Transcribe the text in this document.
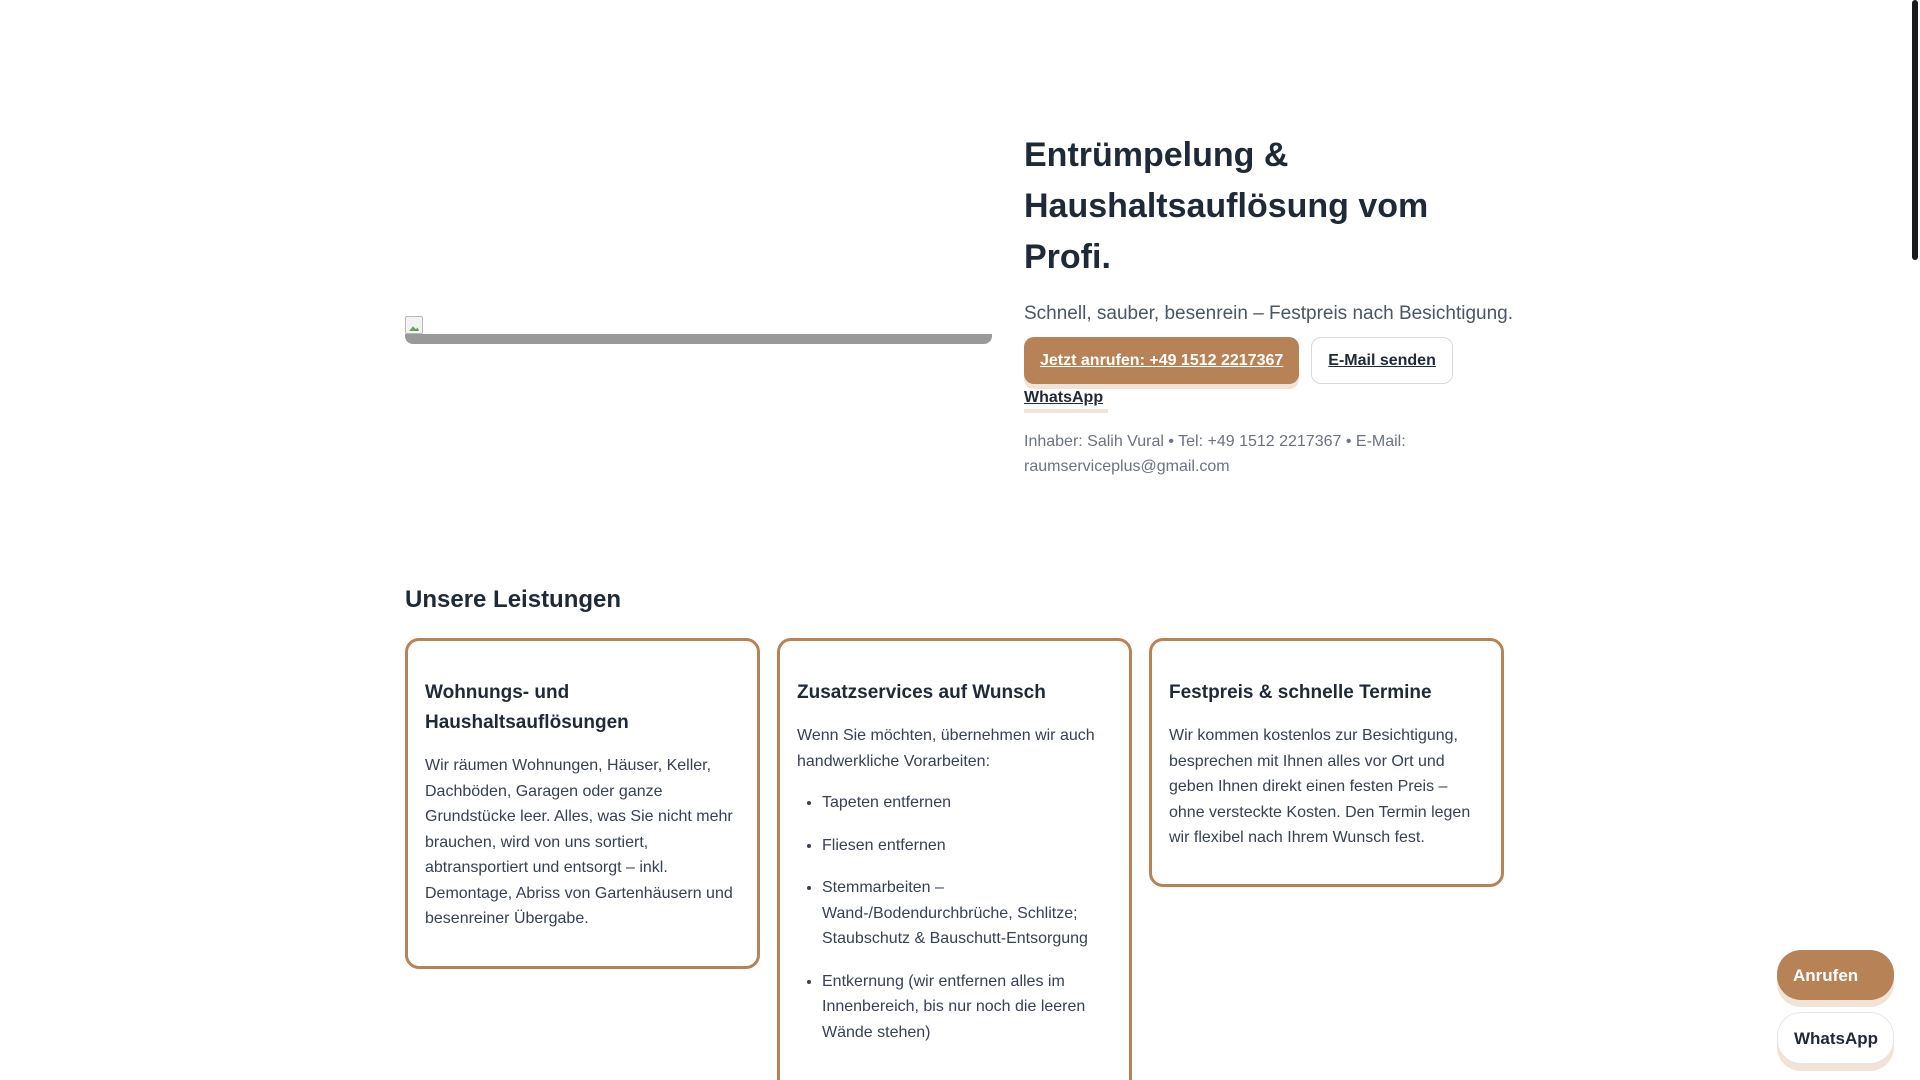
Entrümpelung & Haushaltsauflösung vom Profi.
Schnell, sauber, besenrein – Festpreis nach Besichtigung.
Jetzt anrufen: +49 1512 2217367	E-Mail senden
WhatsApp
Inhaber: Salih Vural • Tel: +49 1512 2217367 • E-Mail: raumserviceplus@gmail.com
Unsere Leistungen
Wohnungs- und Haushaltsauflösungen

Wir räumen Wohnungen, Häuser, Keller, Dachböden, Garagen oder ganze Grundstücke leer. Alles, was Sie nicht mehr brauchen, wird von uns sortiert, abtransportiert und entsorgt – inkl. Demontage, Abriss von Gartenhäusern und besenreiner Übergabe.

Zusatzservices auf Wunsch

Wenn Sie möchten, übernehmen wir auch handwerkliche Vorarbeiten:

• Tapeten entfernen
• Fliesen entfernen
• Stemmarbeiten – Wand-/Bodendurchbrüche, Schlitze; Staubschutz & Bauschutt-Entsorgung
• Entkernung (wir entfernen alles im Innenbereich, bis nur noch die leeren Wände stehen)
Festpreis & schnelle Termine

Wir kommen kostenlos zur Besichtigung, besprechen mit Ihnen alles vor Ort und geben Ihnen direkt einen festen Preis – ohne versteckte Kosten. Den Termin legen wir flexibel nach Ihrem Wunsch fest.

Anrufen
WhatsApp
